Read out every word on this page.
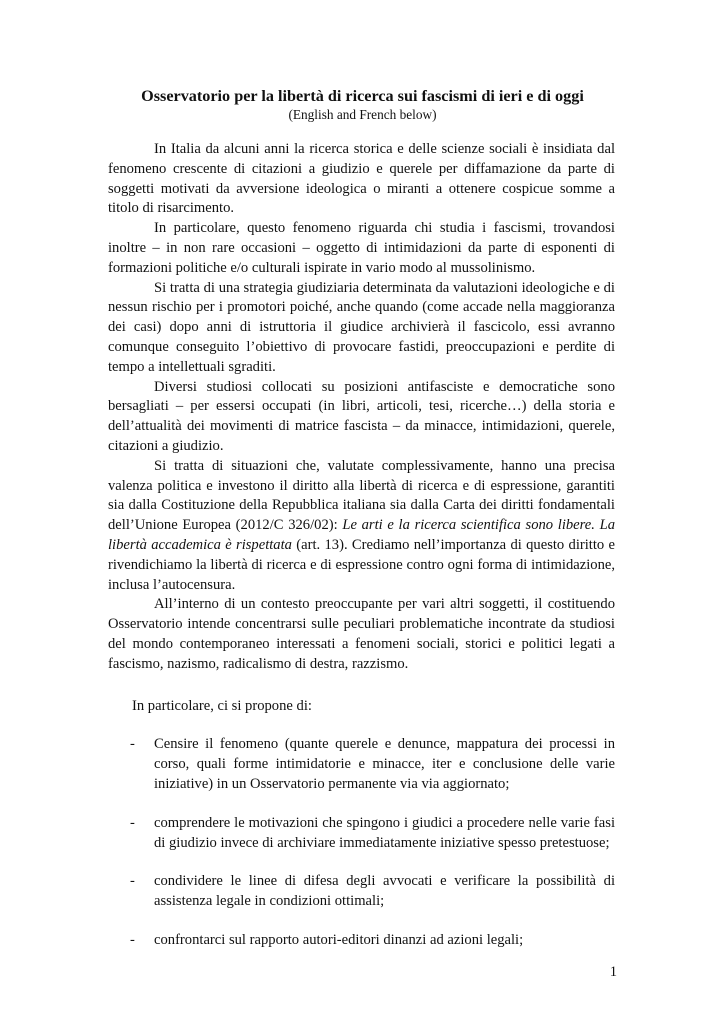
Osservatorio per la libertà di ricerca sui fascismi di ieri e di oggi
(English and French below)

In Italia da alcuni anni la ricerca storica e delle scienze sociali è insidiata dal fenomeno crescente di citazioni a giudizio e querele per diffamazione da parte di soggetti motivati da avversione ideologica o miranti a ottenere cospicue somme a titolo di risarcimento.

In particolare, questo fenomeno riguarda chi studia i fascismi, trovandosi inoltre – in non rare occasioni – oggetto di intimidazioni da parte di esponenti di formazioni politiche e/o culturali ispirate in vario modo al mussolinismo.

Si tratta di una strategia giudiziaria determinata da valutazioni ideologiche e di nessun rischio per i promotori poiché, anche quando (come accade nella maggioranza dei casi) dopo anni di istruttoria il giudice archivierà il fascicolo, essi avranno comunque conseguito l’obiettivo di provocare fastidi, preoccupazioni e perdite di tempo a intellettuali sgraditi.

Diversi studiosi collocati su posizioni antifasciste e democratiche sono bersagliati – per essersi occupati (in libri, articoli, tesi, ricerche…) della storia e dell’attualità dei movimenti di matrice fascista – da minacce, intimidazioni, querele, citazioni a giudizio.

Si tratta di situazioni che, valutate complessivamente, hanno una precisa valenza politica e investono il diritto alla libertà di ricerca e di espressione, garantiti sia dalla Costituzione della Repubblica italiana sia dalla Carta dei diritti fondamentali dell’Unione Europea (2012/C 326/02): Le arti e la ricerca scientifica sono libere. La libertà accademica è rispettata (art. 13). Crediamo nell’importanza di questo diritto e rivendichiamo la libertà di ricerca e di espressione contro ogni forma di intimidazione, inclusa l’autocensura.

All’interno di un contesto preoccupante per vari altri soggetti, il costituendo Osservatorio intende concentrarsi sulle peculiari problematiche incontrate da studiosi del mondo contemporaneo interessati a fenomeni sociali, storici e politici legati a fascismo, nazismo, radicalismo di destra, razzismo.

In particolare, ci si propone di:

- Censire il fenomeno (quante querele e denunce, mappatura dei processi in corso, quali forme intimidatorie e minacce, iter e conclusione delle varie iniziative) in un Osservatorio permanente via via aggiornato;
- comprendere le motivazioni che spingono i giudici a procedere nelle varie fasi di giudizio invece di archiviare immediatamente iniziative spesso pretestuose;
- condividere le linee di difesa degli avvocati e verificare la possibilità di assistenza legale in condizioni ottimali;
- confrontarci sul rapporto autori-editori dinanzi ad azioni legali;
1
